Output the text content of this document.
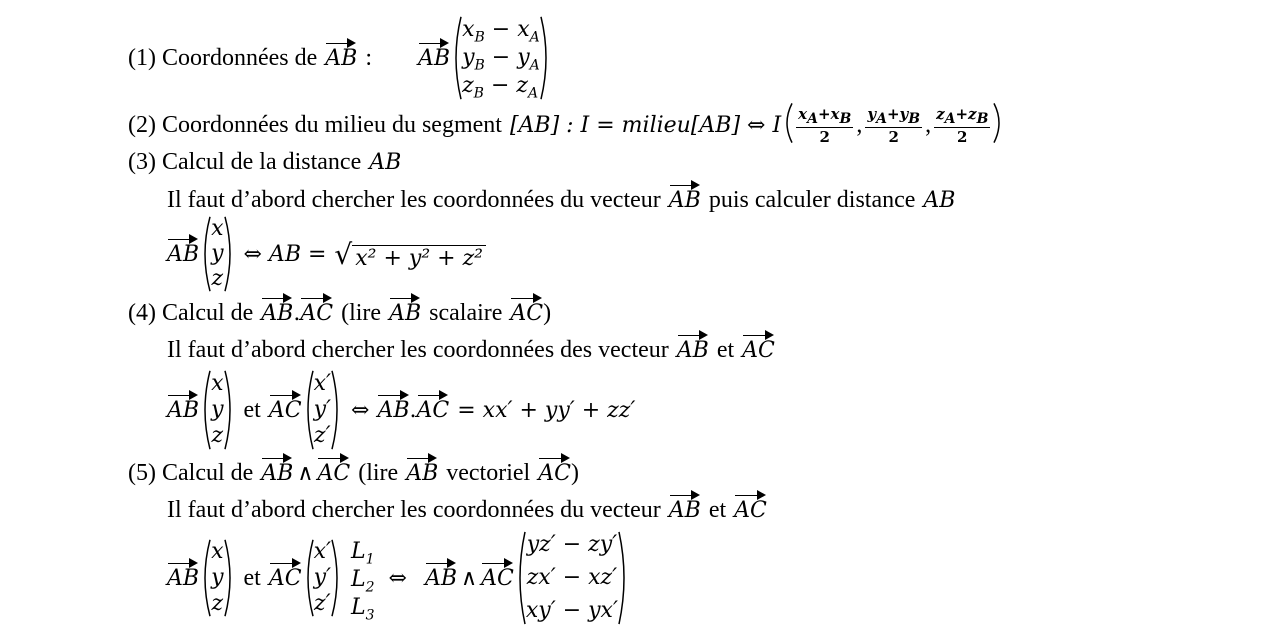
(1) Coordonnées de AB : AB
$x_B - x_A$
$y_B - y_A$
$z_B - z_A$
(2) Coordonnées du milieu du segment [AB] : I = milieu[AB] ⇔ I $\frac{x_A+x_B}{2}$ , $\frac{y_A+y_B}{2}$ , $\frac{z_A+z_B}{2}$
(3) Calcul de la distance AB
Il faut d’abord chercher les coordonnées du vecteur AB puis calculer distance AB
AB
x
y
z
⇔ AB = √ x² + y² + z²
(4) Calcul de AB . AC (lire AB scalaire AC )
Il faut d’abord chercher les coordonnées des vecteur AB et AC
AB
x
y
z
et AC
x′
y′
z′
⇔ AB . AC = xx′ + yy′ + zz′
(5) Calcul de AB ∧ AC (lire AB vectoriel AC )
Il faut d’abord chercher les coordonnées du vecteur AB et AC
AB
x
y
z
et AC
x′
y′
z′
$L_1$
$L_2$
$L_3$
⇔ AB ∧ AC
yz′ − zy′
zx′ − xz′
xy′ − yx′
